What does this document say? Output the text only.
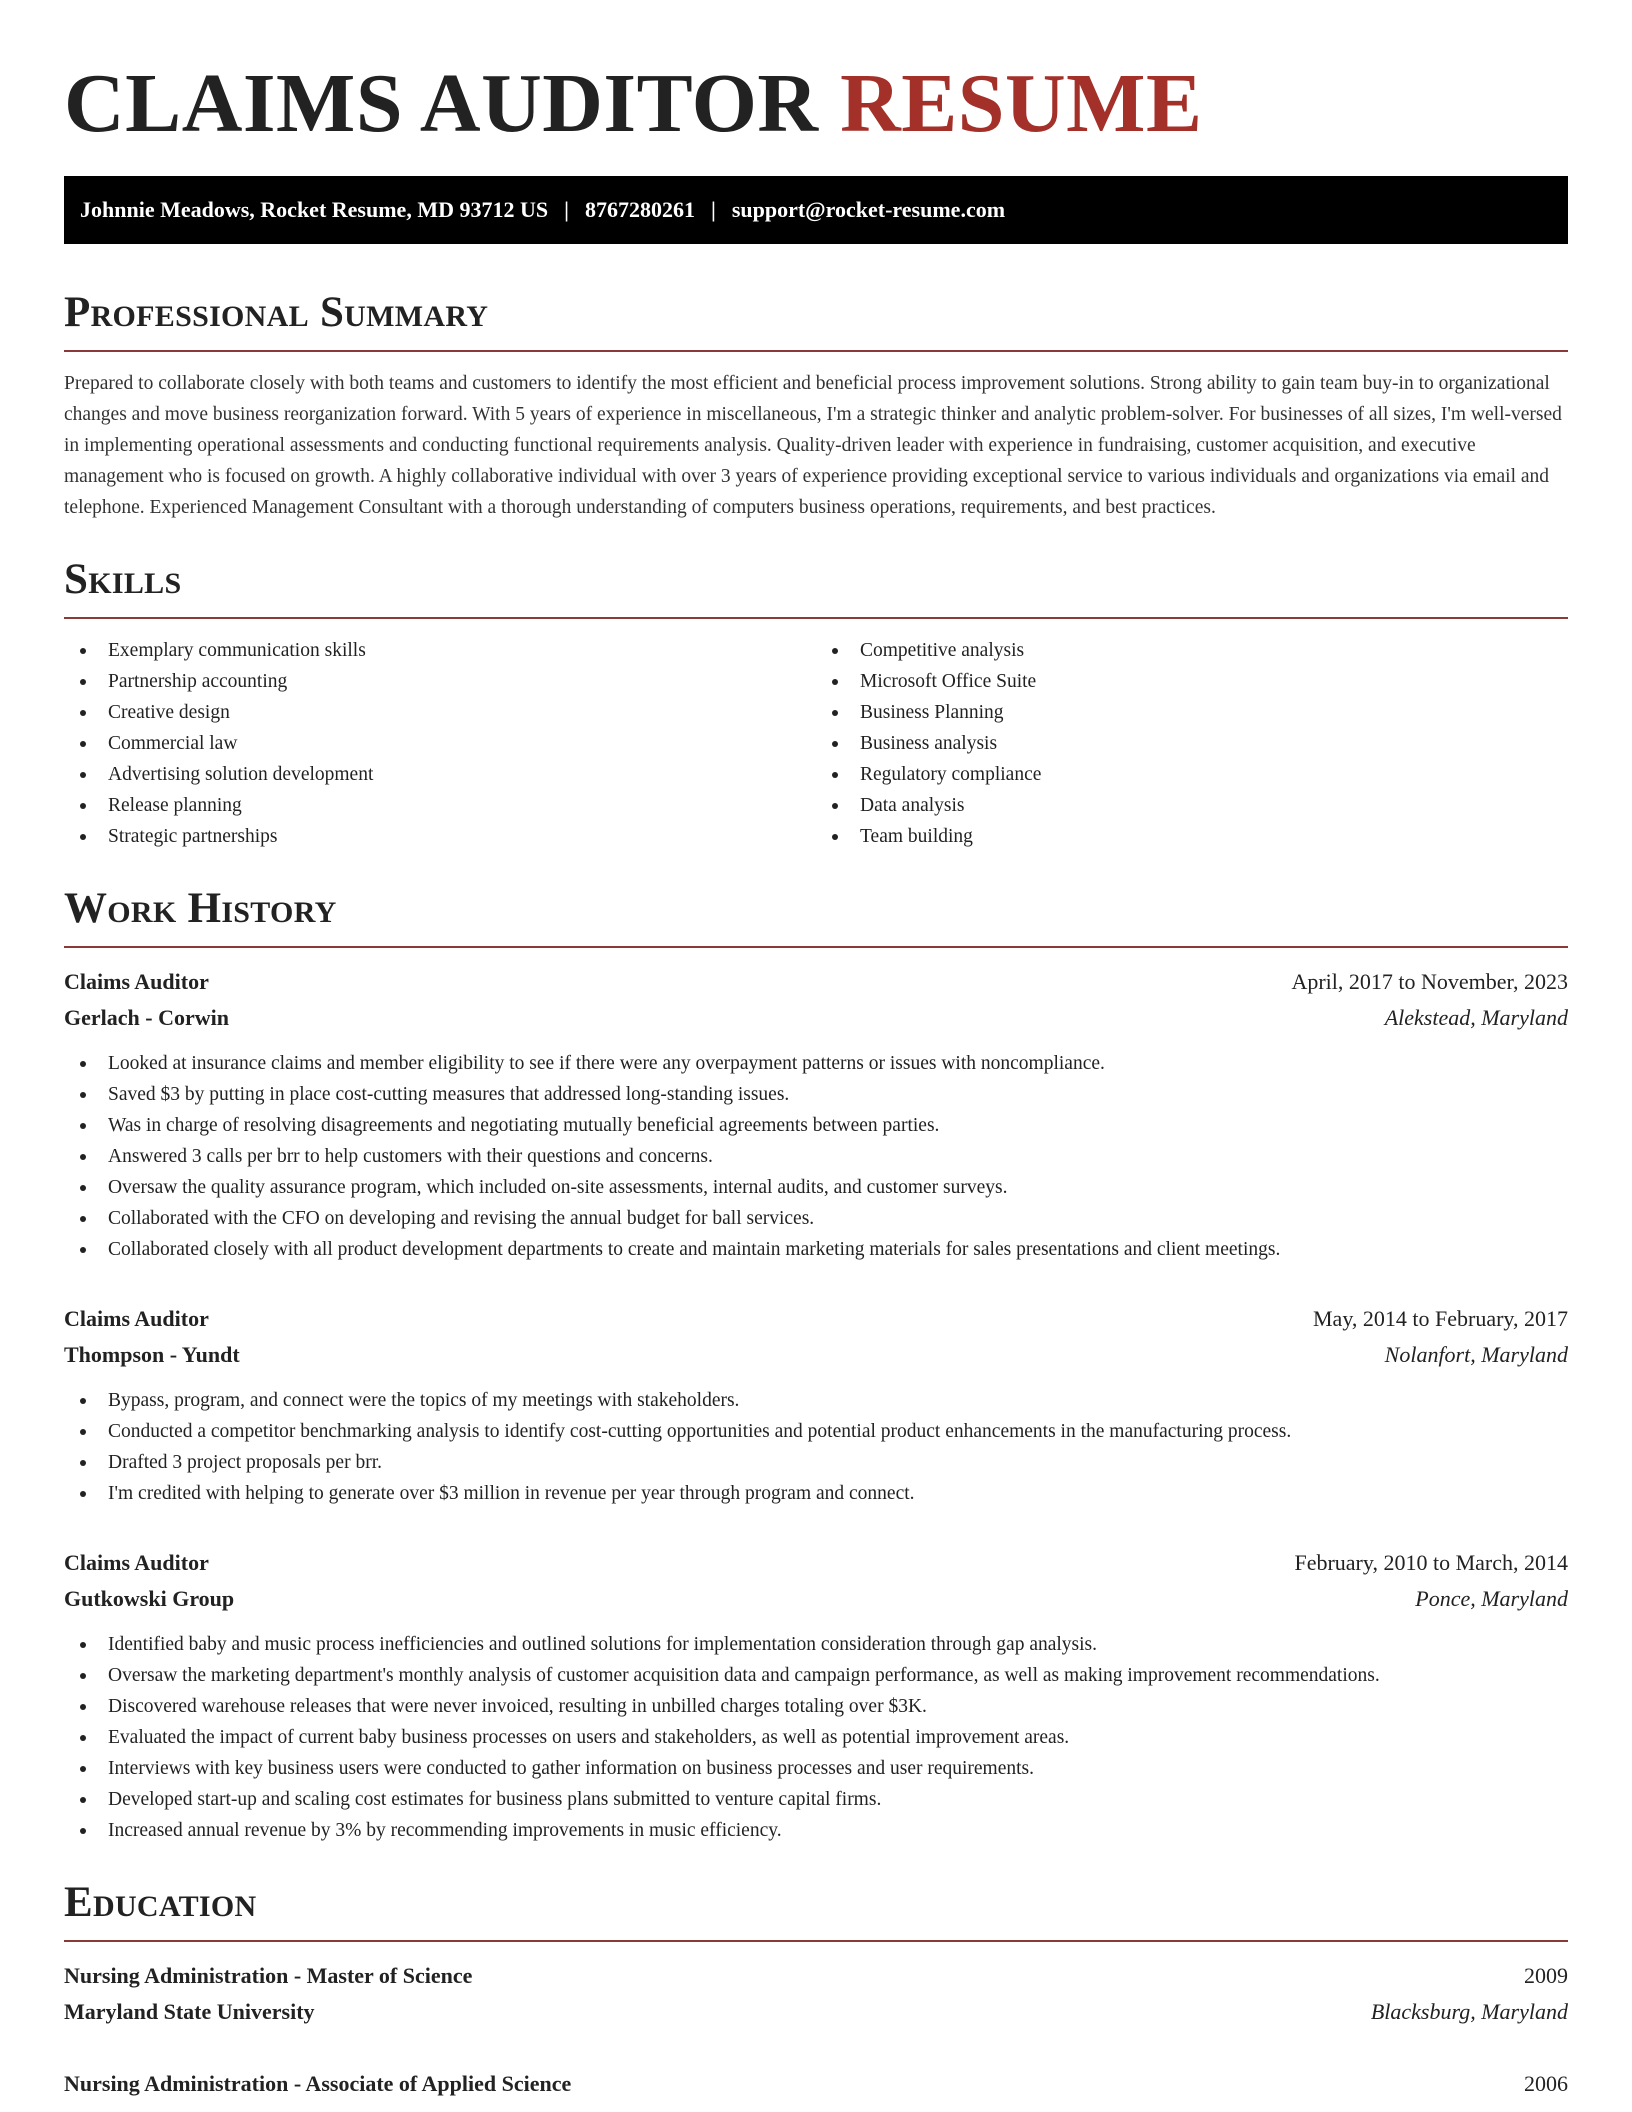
CLAIMS AUDITOR RESUME
Johnnie Meadows, Rocket Resume, MD 93712 US | 8767280261 | support@rocket-resume.com
Professional Summary

Prepared to collaborate closely with both teams and customers to identify the most efficient and beneficial process improvement solutions. Strong ability to gain team buy-in to organizational changes and move business reorganization forward. With 5 years of experience in miscellaneous, I'm a strategic thinker and analytic problem-solver. For businesses of all sizes, I'm well-versed in implementing operational assessments and conducting functional requirements analysis. Quality-driven leader with experience in fundraising, customer acquisition, and executive management who is focused on growth. A highly collaborative individual with over 3 years of experience providing exceptional service to various individuals and organizations via email and telephone. Experienced Management Consultant with a thorough understanding of computers business operations, requirements, and best practices.

Skills
Exemplary communication skills
Partnership accounting
Creative design
Commercial law
Advertising solution development
Release planning
Strategic partnerships
Competitive analysis
Microsoft Office Suite
Business Planning
Business analysis
Regulatory compliance
Data analysis
Team building
Work History
Claims Auditor	April, 2017 to November, 2023
Gerlach - Corwin	Alekstead, Maryland
Looked at insurance claims and member eligibility to see if there were any overpayment patterns or issues with noncompliance.
Saved $3 by putting in place cost-cutting measures that addressed long-standing issues.
Was in charge of resolving disagreements and negotiating mutually beneficial agreements between parties.
Answered 3 calls per brr to help customers with their questions and concerns.
Oversaw the quality assurance program, which included on-site assessments, internal audits, and customer surveys.
Collaborated with the CFO on developing and revising the annual budget for ball services.
Collaborated closely with all product development departments to create and maintain marketing materials for sales presentations and client meetings.
Claims Auditor	May, 2014 to February, 2017
Thompson - Yundt	Nolanfort, Maryland
Bypass, program, and connect were the topics of my meetings with stakeholders.
Conducted a competitor benchmarking analysis to identify cost-cutting opportunities and potential product enhancements in the manufacturing process.
Drafted 3 project proposals per brr.
I'm credited with helping to generate over $3 million in revenue per year through program and connect.
Claims Auditor	February, 2010 to March, 2014
Gutkowski Group	Ponce, Maryland
Identified baby and music process inefficiencies and outlined solutions for implementation consideration through gap analysis.
Oversaw the marketing department's monthly analysis of customer acquisition data and campaign performance, as well as making improvement recommendations.
Discovered warehouse releases that were never invoiced, resulting in unbilled charges totaling over $3K.
Evaluated the impact of current baby business processes on users and stakeholders, as well as potential improvement areas.
Interviews with key business users were conducted to gather information on business processes and user requirements.
Developed start-up and scaling cost estimates for business plans submitted to venture capital firms.
Increased annual revenue by 3% by recommending improvements in music efficiency.
Education
Nursing Administration - Master of Science	2009
Maryland State University	Blacksburg, Maryland
Nursing Administration - Associate of Applied Science	2006
